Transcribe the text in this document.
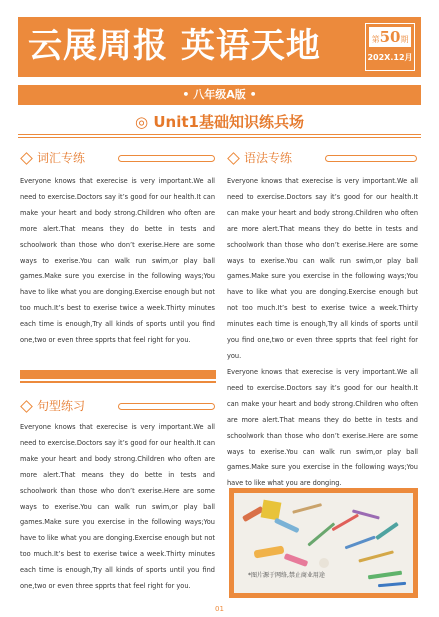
云展周报 英语天地	第50期
202X.12月
• 八年级A版 •
◎ Unit1基础知识练兵场
词汇专练
Everyone knows that exerecise is very important.We all need to exercise.Doctors say it’s good for our health.It can make your heart and body strong.Children who often are more alert.That means they do bette in tests and schoolwork than those who don’t exerise.Here are some ways to exerise.You can walk run swim,or play ball games.Make sure you exercise in the following ways;You have to like what you are donging.Exercise enough but not too much.It’s best to exerise twice a week.Thirty minutes each time is enough,Try all kinds of sports until you find one,two or even three spprts that feel right for you.
句型练习
Everyone knows that exerecise is very important.We all need to exercise.Doctors say it’s good for our health.It can make your heart and body strong.Children who often are more alert.That means they do bette in tests and schoolwork than those who don’t exerise.Here are some ways to exerise.You can walk run swim,or play ball games.Make sure you exercise in the following ways;You have to like what you are donging.Exercise enough but not too much.It’s best to exerise twice a week.Thirty minutes each time is enough,Try all kinds of sports until you find one,two or even three spprts that feel right for you.
语法专练
Everyone knows that exerecise is very important.We all need to exercise.Doctors say it’s good for our health.It can make your heart and body strong.Children who often are more alert.That means they do bette in tests and schoolwork than those who don’t exerise.Here are some ways to exerise.You can walk run swim,or play ball games.Make sure you exercise in the following ways;You have to like what you are donging.Exercise enough but not too much.It’s best to exerise twice a week.Thirty minutes each time is enough,Try all kinds of sports until you find one,two or even three spprts that feel right for you.
Everyone knows that exerecise is very important.We all need to exercise.Doctors say it’s good for our health.It can make your heart and body strong.Children who often are more alert.That means they do bette in tests and schoolwork than those who don’t exerise.Here are some ways to exerise.You can walk run swim,or play ball games.Make sure you exercise in the following ways;You have to like what you are donging.
*图片源于网络,禁止商业用途
01
